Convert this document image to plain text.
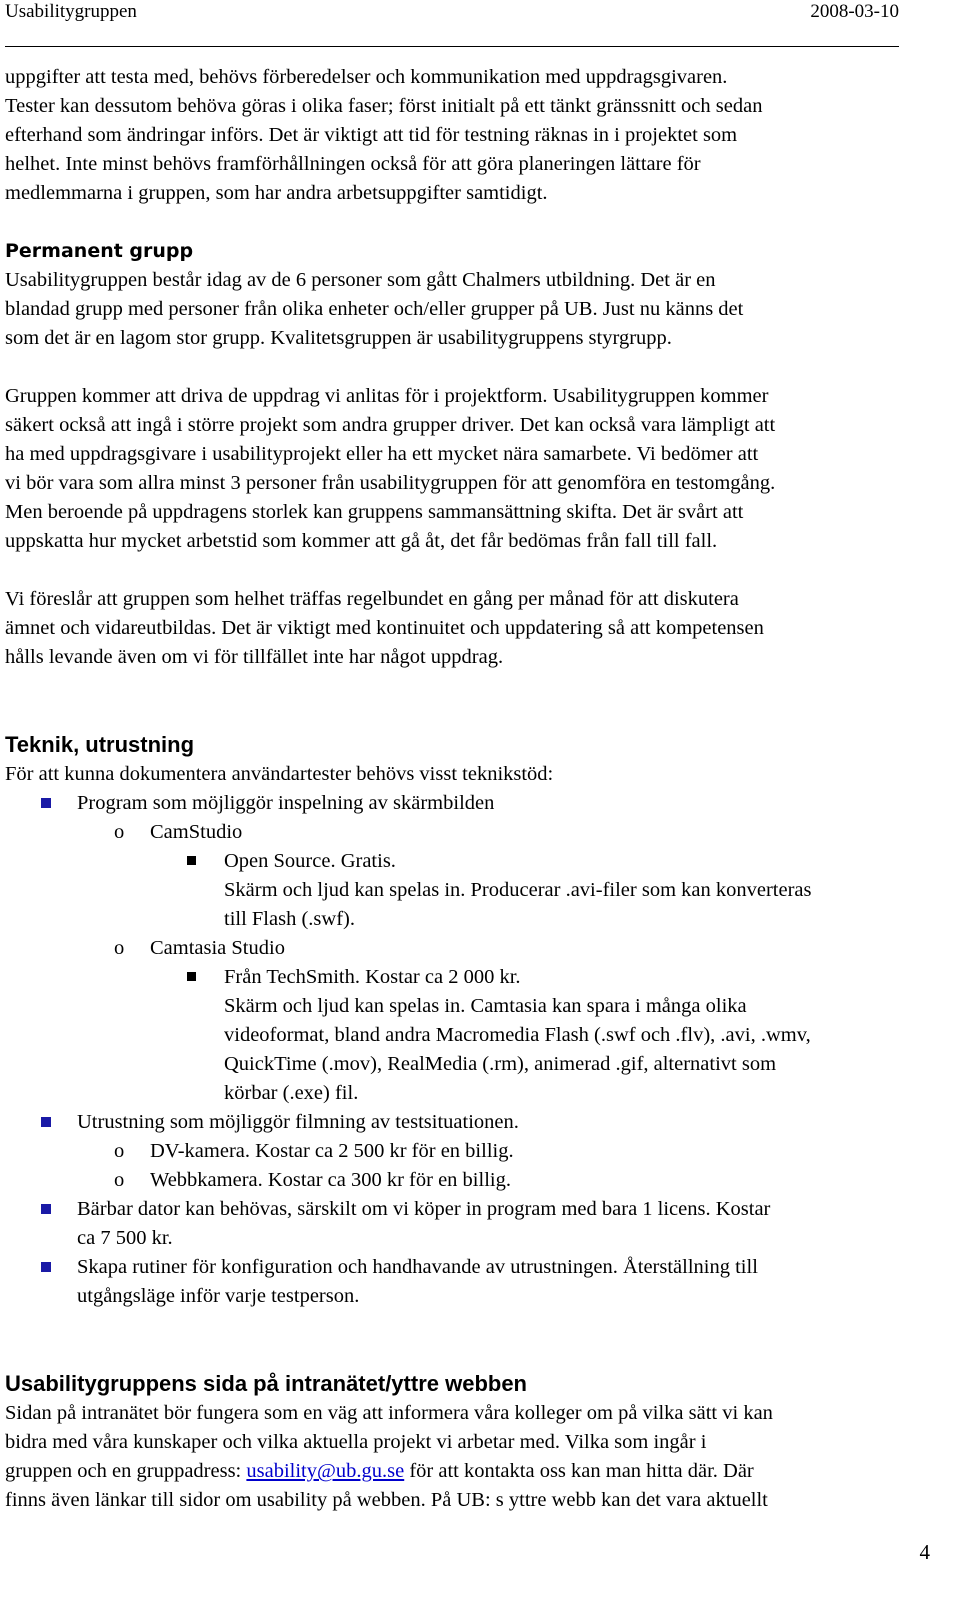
Usabilitygruppen	2008-03-10

uppgifter att testa med, behövs förberedelser och kommunikation med uppdragsgivaren.
Tester kan dessutom behöva göras i olika faser; först initialt på ett tänkt gränssnitt och sedan
efterhand som ändringar införs. Det är viktigt att tid för testning räknas in i projektet som
helhet. Inte minst behövs framförhållningen också för att göra planeringen lättare för
medlemmarna i gruppen, som har andra arbetsuppgifter samtidigt.

Permanent grupp

Usabilitygruppen består idag av de 6 personer som gått Chalmers utbildning. Det är en
blandad grupp med personer från olika enheter och/eller grupper på UB. Just nu känns det
som det är en lagom stor grupp. Kvalitetsgruppen är usabilitygruppens styrgrupp.

Gruppen kommer att driva de uppdrag vi anlitas för i projektform. Usabilitygruppen kommer
säkert också att ingå i större projekt som andra grupper driver. Det kan också vara lämpligt att
ha med uppdragsgivare i usabilityprojekt eller ha ett mycket nära samarbete. Vi bedömer att
vi bör vara som allra minst 3 personer från usabilitygruppen för att genomföra en testomgång.
Men beroende på uppdragens storlek kan gruppens sammansättning skifta. Det är svårt att
uppskatta hur mycket arbetstid som kommer att gå åt, det får bedömas från fall till fall.

Vi föreslår att gruppen som helhet träffas regelbundet en gång per månad för att diskutera
ämnet och vidareutbildas. Det är viktigt med kontinuitet och uppdatering så att kompetensen
hålls levande även om vi för tillfället inte har något uppdrag.

Teknik, utrustning

För att kunna dokumentera användartester behövs visst teknikstöd:

Program som möjliggör inspelning av skärmbilden
o CamStudio
Open Source. Gratis.
Skärm och ljud kan spelas in. Producerar .avi-filer som kan konverteras
till Flash (.swf).
o Camtasia Studio
Från TechSmith. Kostar ca 2 000 kr.
Skärm och ljud kan spelas in. Camtasia kan spara i många olika
videoformat, bland andra Macromedia Flash (.swf och .flv), .avi, .wmv,
QuickTime (.mov), RealMedia (.rm), animerad .gif, alternativt som
körbar (.exe) fil.
Utrustning som möjliggör filmning av testsituationen.
o DV-kamera. Kostar ca 2 500 kr för en billig.
o Webbkamera. Kostar ca 300 kr för en billig.
Bärbar dator kan behövas, särskilt om vi köper in program med bara 1 licens. Kostar
ca 7 500 kr.
Skapa rutiner för konfiguration och handhavande av utrustningen. Återställning till
utgångsläge inför varje testperson.
Usabilitygruppens sida på intranätet/yttre webben

Sidan på intranätet bör fungera som en väg att informera våra kolleger om på vilka sätt vi kan
bidra med våra kunskaper och vilka aktuella projekt vi arbetar med. Vilka som ingår i
gruppen och en gruppadress: usability@ub.gu.se för att kontakta oss kan man hitta där. Där
finns även länkar till sidor om usability på webben. På UB: s yttre webb kan det vara aktuellt

4
